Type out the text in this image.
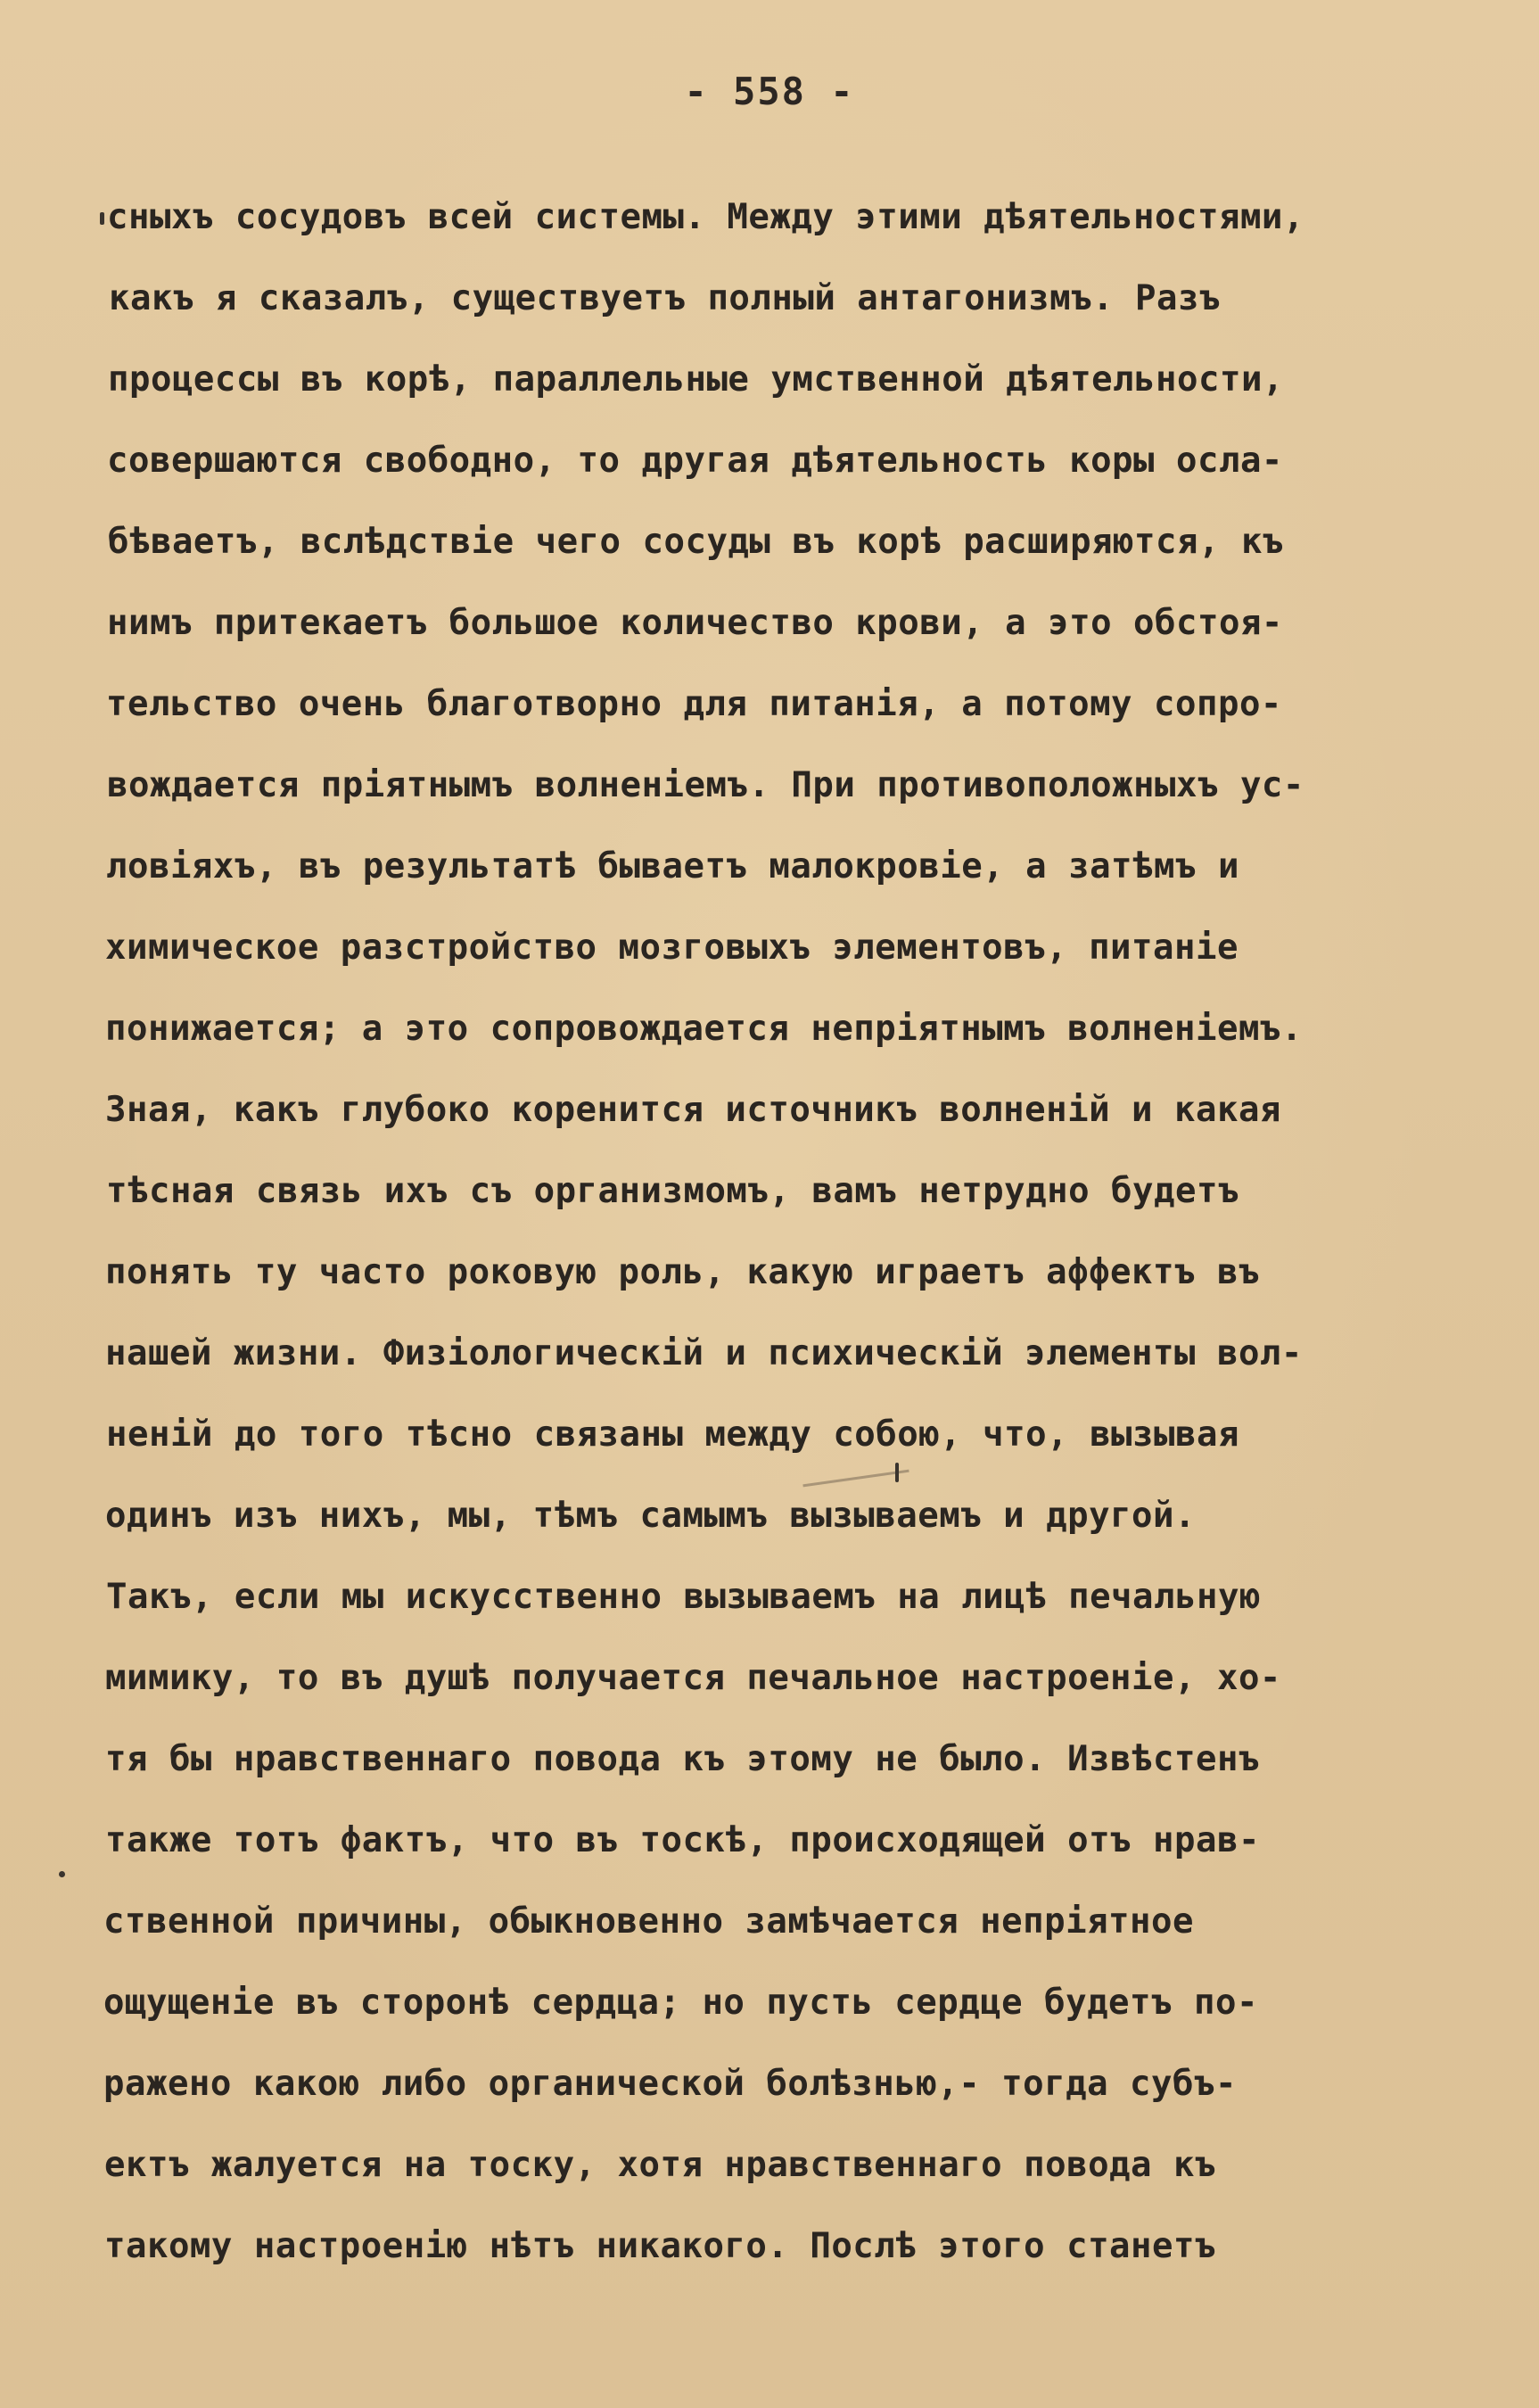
- 558 -
сныхъ сосудовъ всей системы. Между этими дѣятельностями,
какъ я сказалъ, существуетъ полный антагонизмъ. Разъ
процессы въ корѣ, параллельные умственной дѣятельности,
совершаются свободно, то другая дѣятельность коры осла-
бѣваетъ, вслѣдствіе чего сосуды въ корѣ расширяются, къ
нимъ притекаетъ большое количество крови, а это обстоя-
тельство очень благотворно для питанія, а потому сопро-
вождается пріятнымъ волненіемъ. При противоположныхъ ус-
ловіяхъ, въ результатѣ бываетъ малокровіе, а затѣмъ и
химическое разстройство мозговыхъ элементовъ, питаніе
понижается; а это сопровождается непріятнымъ волненіемъ.
Зная, какъ глубоко коренится источникъ волненій и какая
тѣсная связь ихъ съ организмомъ, вамъ нетрудно будетъ
понять ту часто роковую роль, какую играетъ аффектъ въ
нашей жизни. Физіологическій и психическій элементы вол-
неній до того тѣсно связаны между собою, что, вызывая
одинъ изъ нихъ, мы, тѣмъ самымъ вызываемъ и другой.
Такъ, если мы искусственно вызываемъ на лицѣ печальную
мимику, то въ душѣ получается печальное настроеніе, хо-
тя бы нравственнаго повода къ этому не было. Извѣстенъ
также тотъ фактъ, что въ тоскѣ, происходящей отъ нрав-
ственной причины, обыкновенно замѣчается непріятное
ощущеніе въ сторонѣ сердца; но пусть сердце будетъ по-
ражено какою либо органической болѣзнью,- тогда субъ-
ектъ жалуется на тоску, хотя нравственнаго повода къ
такому настроенію нѣтъ никакого. Послѣ этого станетъ
